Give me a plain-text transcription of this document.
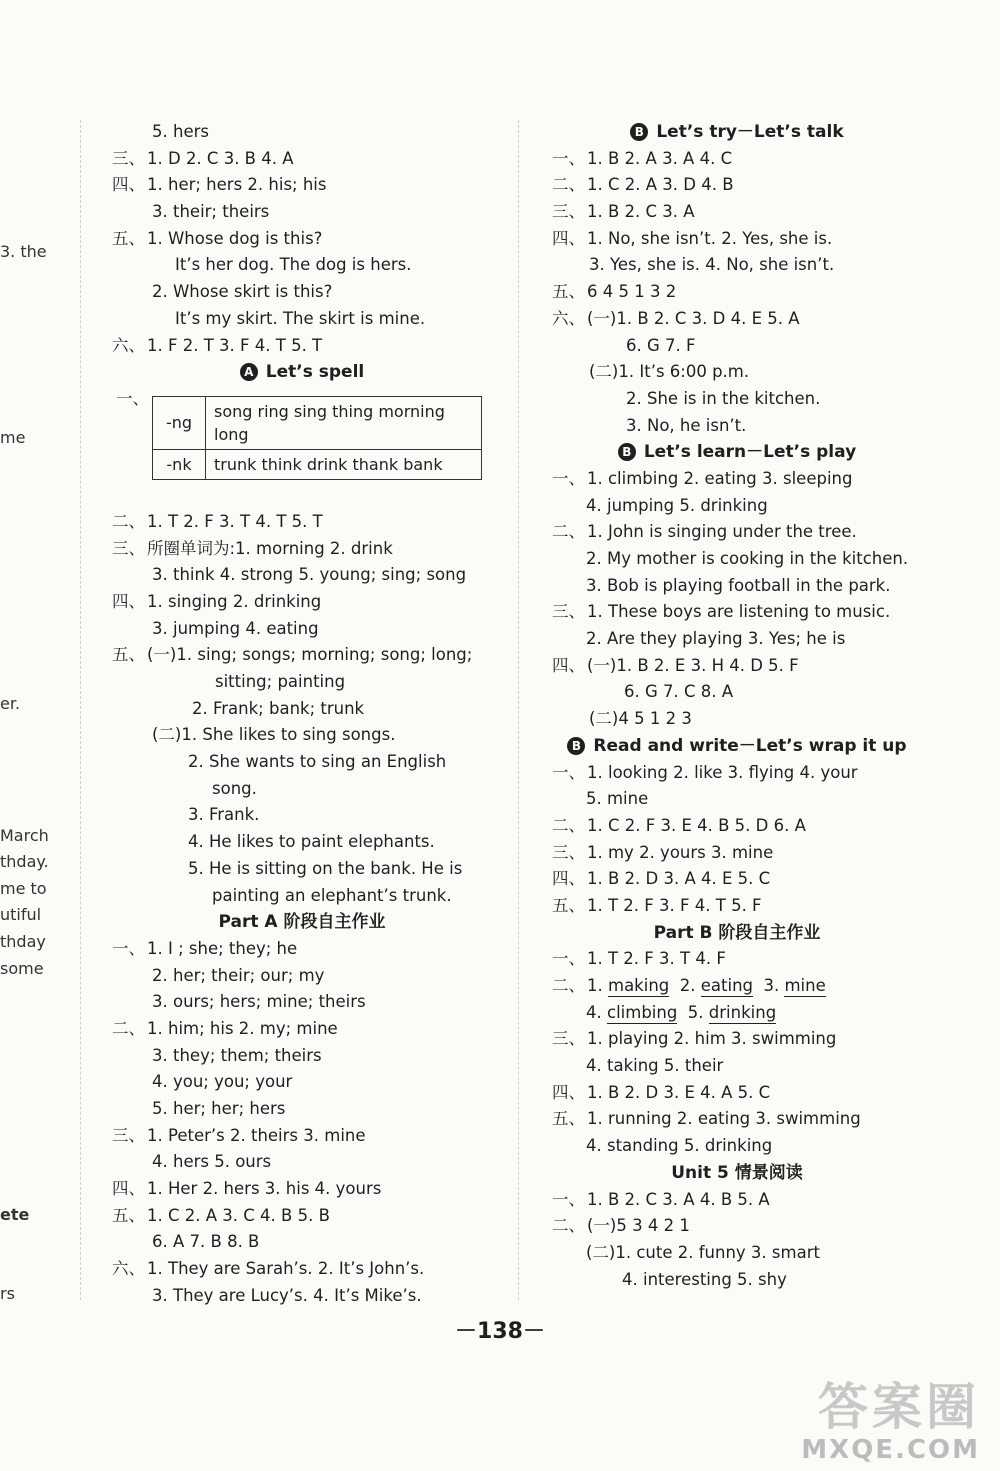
3. the
me
er.
March
thday.
me to
utiful
thday
some
ete
rs
5. hers
三、 1. D 2. C 3. B 4. A
四、 1. her; hers 2. his; his
3. their; theirs
五、 1. Whose dog is this?
It’s her dog. The dog is hers.
2. Whose skirt is this?
It’s my skirt. The skirt is mine.
六、 1. F 2. T 3. F 4. T 5. T
A Let’s spell
一、
-ng	song ring sing thing morning long
-nk	trunk think drink thank bank
二、 1. T 2. F 3. T 4. T 5. T
三、 所圈单词为:1. morning 2. drink
3. think 4. strong 5. young; sing; song
四、 1. singing 2. drinking
3. jumping 4. eating
五、 (一)1. sing; songs; morning; song; long;
sitting; painting
2. Frank; bank; trunk
(二)1. She likes to sing songs.
2. She wants to sing an English
song.
3. Frank.
4. He likes to paint elephants.
5. He is sitting on the bank. He is
painting an elephant’s trunk.
Part A 阶段自主作业
一、 1. I ; she; they; he
2. her; their; our; my
3. ours; hers; mine; theirs
二、 1. him; his 2. my; mine
3. they; them; theirs
4. you; you; your
5. her; her; hers
三、 1. Peter’s 2. theirs 3. mine
4. hers 5. ours
四、 1. Her 2. hers 3. his 4. yours
五、 1. C 2. A 3. C 4. B 5. B
6. A 7. B 8. B
六、 1. They are Sarah’s. 2. It’s John’s.
3. They are Lucy’s. 4. It’s Mike’s.
B Let’s try－Let’s talk
一、 1. B 2. A 3. A 4. C
二、 1. C 2. A 3. D 4. B
三、 1. B 2. C 3. A
四、 1. No, she isn’t. 2. Yes, she is.
3. Yes, she is. 4. No, she isn’t.
五、 6 4 5 1 3 2
六、 (一)1. B 2. C 3. D 4. E 5. A
6. G 7. F
(二)1. It’s 6:00 p.m.
2. She is in the kitchen.
3. No, he isn’t.
B Let’s learn－Let’s play
一、 1. climbing 2. eating 3. sleeping
4. jumping 5. drinking
二、 1. John is singing under the tree.
2. My mother is cooking in the kitchen.
3. Bob is playing football in the park.
三、 1. These boys are listening to music.
2. Are they playing 3. Yes; he is
四、 (一)1. B 2. E 3. H 4. D 5. F
6. G 7. C 8. A
(二)4 5 1 2 3
B Read and write－Let’s wrap it up
一、 1. looking 2. like 3. flying 4. your
5. mine
二、 1. C 2. F 3. E 4. B 5. D 6. A
三、 1. my 2. yours 3. mine
四、 1. B 2. D 3. A 4. E 5. C
五、 1. T 2. F 3. F 4. T 5. F
Part B 阶段自主作业
一、 1. T 2. F 3. T 4. F
二、 1. making  2. eating  3. mine
4. climbing  5. drinking
三、 1. playing 2. him 3. swimming
4. taking 5. their
四、 1. B 2. D 3. E 4. A 5. C
五、 1. running 2. eating 3. swimming
4. standing 5. drinking
Unit 5 情景阅读
一、 1. B 2. C 3. A 4. B 5. A
二、 (一)5 3 4 2 1
(二)1. cute 2. funny 3. smart
4. interesting 5. shy
－138－
答案圈
MXQE.COM
